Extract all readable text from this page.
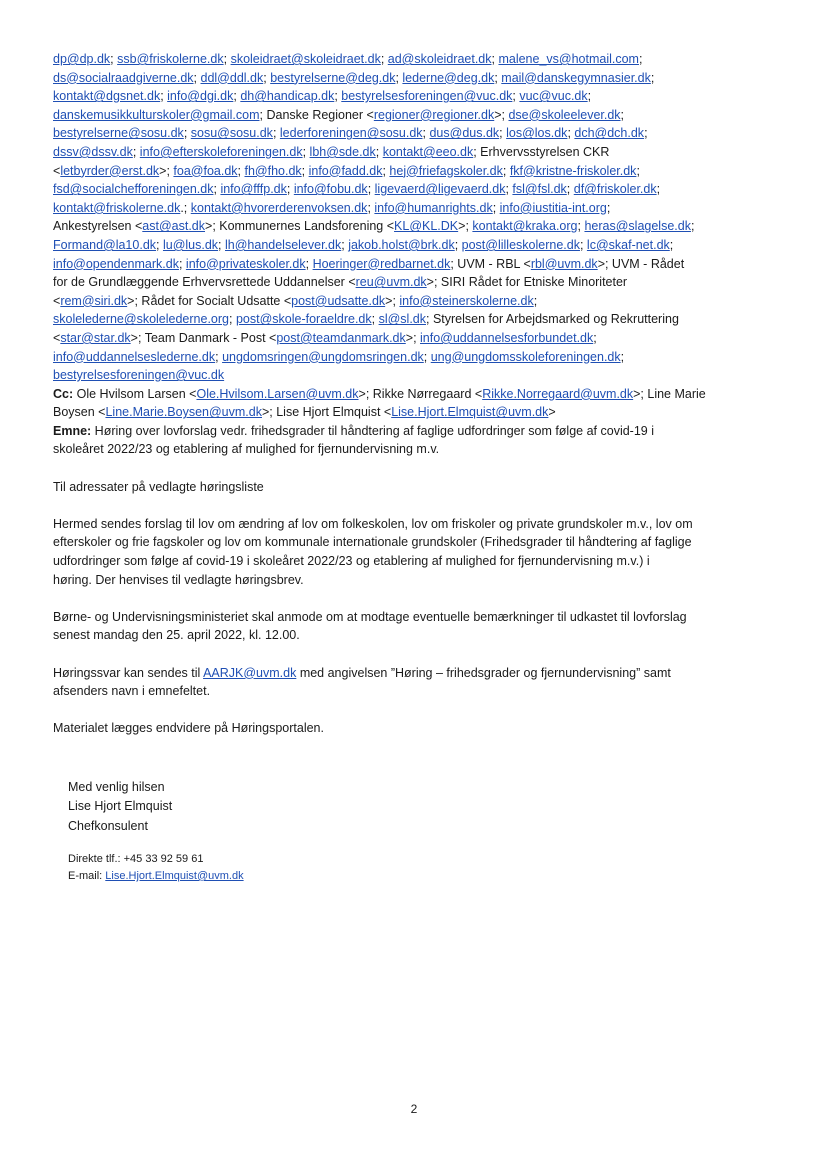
dp@dp.dk; ssb@friskolerne.dk; skoleidraet@skoleidraet.dk; ad@skoleidraet.dk; malene_vs@hotmail.com;
ds@socialraadgiverne.dk; ddl@ddl.dk; bestyrelserne@deg.dk; lederne@deg.dk; mail@danskegymnasier.dk;
kontakt@dgsnet.dk; info@dgi.dk; dh@handicap.dk; bestyrelsesforeningen@vuc.dk; vuc@vuc.dk;
danskemusikkulturskoler@gmail.com; Danske Regioner <regioner@regioner.dk>; dse@skoleelever.dk;
bestyrelserne@sosu.dk; sosu@sosu.dk; lederforeningen@sosu.dk; dus@dus.dk; los@los.dk; dch@dch.dk;
dssv@dssv.dk; info@efterskoleforeningen.dk; lbh@sde.dk; kontakt@eeo.dk; Erhvervsstyrelsen CKR
<letbyrder@erst.dk>; foa@foa.dk; fh@fho.dk; info@fadd.dk; hej@friefagskoler.dk; fkf@kristne-friskoler.dk;
fsd@socialchefforeningen.dk; info@fffp.dk; info@fobu.dk; ligevaerd@ligevaerd.dk; fsl@fsl.dk; df@friskoler.dk;
kontakt@friskolerne.dk.; kontakt@hvorerderenvoksen.dk; info@humanrights.dk; info@iustitia-int.org;
Ankestyrelsen <ast@ast.dk>; Kommunernes Landsforening <KL@KL.DK>; kontakt@kraka.org; heras@slagelse.dk;
Formand@la10.dk; lu@lus.dk; lh@handelselever.dk; jakob.holst@brk.dk; post@lilleskolerne.dk; lc@skaf-net.dk;
info@opendenmark.dk; info@privateskoler.dk; Hoeringer@redbarnet.dk; UVM - RBL <rbl@uvm.dk>; UVM - Rådet
for de Grundlæggende Erhvervsrettede Uddannelser <reu@uvm.dk>; SIRI Rådet for Etniske Minoriteter
<rem@siri.dk>; Rådet for Socialt Udsatte <post@udsatte.dk>; info@steinerskolerne.dk;
skolelederne@skolelederne.org; post@skole-foraeldre.dk; sl@sl.dk; Styrelsen for Arbejdsmarked og Rekruttering
<star@star.dk>; Team Danmark - Post <post@teamdanmark.dk>; info@uddannelsesforbundet.dk;
info@uddannelseslederne.dk; ungdomsringen@ungdomsringen.dk; ung@ungdomsskoleforeningen.dk;
bestyrelsesforeningen@vuc.dk
Cc: Ole Hvilsom Larsen <Ole.Hvilsom.Larsen@uvm.dk>; Rikke Nørregaard <Rikke.Norregaard@uvm.dk>; Line Marie
Boysen <Line.Marie.Boysen@uvm.dk>; Lise Hjort Elmquist <Lise.Hjort.Elmquist@uvm.dk>
Emne: Høring over lovforslag vedr. frihedsgrader til håndtering af faglige udfordringer som følge af covid-19 i
skoleåret 2022/23 og etablering af mulighed for fjernundervisning m.v.
Til adressater på vedlagte høringsliste
Hermed sendes forslag til lov om ændring af lov om folkeskolen, lov om friskoler og private grundskoler m.v., lov om
efterskoler og frie fagskoler og lov om kommunale internationale grundskoler (Frihedsgrader til håndtering af faglige
udfordringer som følge af covid-19 i skoleåret 2022/23 og etablering af mulighed for fjernundervisning m.v.) i
høring. Der henvises til vedlagte høringsbrev.
Børne- og Undervisningsministeriet skal anmode om at modtage eventuelle bemærkninger til udkastet til lovforslag
senest mandag den 25. april 2022, kl. 12.00.
Høringssvar kan sendes til AARJK@uvm.dk med angivelsen ”Høring – frihedsgrader og fjernundervisning” samt
afsenders navn i emnefeltet.
Materialet lægges endvidere på Høringsportalen.
Med venlig hilsen
Lise Hjort Elmquist
Chefkonsulent
Direkte tlf.: +45 33 92 59 61
E-mail: Lise.Hjort.Elmquist@uvm.dk
2
